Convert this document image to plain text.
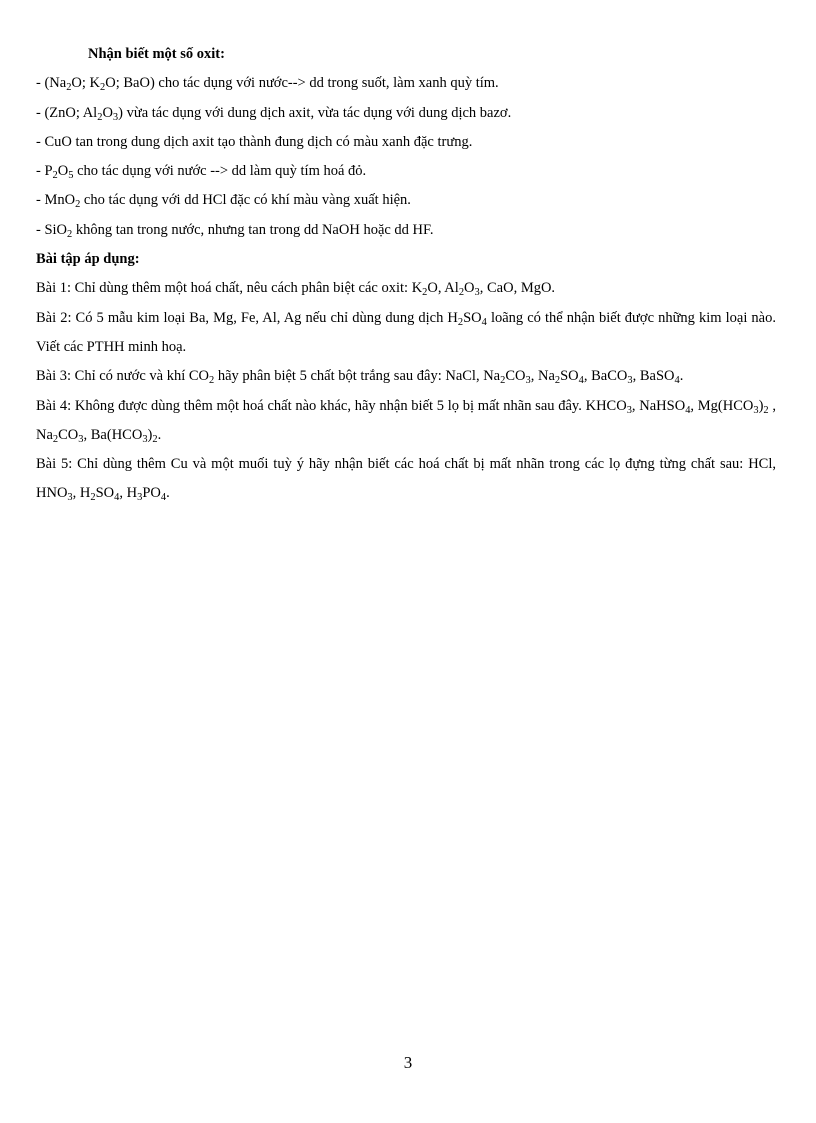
Nhận biết một số oxit:

- ($Na_2O$; $K_2O$; BaO) cho tác dụng với nước--> dd trong suốt, làm xanh quỳ tím.

- (ZnO; $Al_2O_3$) vừa tác dụng với dung dịch axit, vừa tác dụng với dung dịch bazơ.

- CuO tan trong dung dịch axit tạo thành đung dịch có màu xanh đặc trưng.

- $P_2O_5$ cho tác dụng với nước --> dd làm quỳ tím hoá đỏ.

- MnO$_2$ cho tác dụng với dd HCl đặc có khí màu vàng xuất hiện.

- SiO$_2$ không tan trong nước, nhưng tan trong dd NaOH hoặc dd HF.

Bài tập áp dụng:

Bài 1: Chỉ dùng thêm một hoá chất, nêu cách phân biệt các oxit: $K_2O$, $Al_2O_3$, CaO, MgO.

Bài 2: Có 5 mẫu kim loại Ba, Mg, Fe, Al, Ag nếu chỉ dùng dung dịch $H_2SO_4$ loãng có thể nhận biết được những kim loại nào. Viết các PTHH minh hoạ.

Bài 3: Chỉ có nước và khí $CO_2$ hãy phân biệt 5 chất bột trắng sau đây: NaCl, $Na_2CO_3$, $Na_2SO_4$, BaCO$_3$, BaSO$_4$.

Bài 4: Không được dùng thêm một hoá chất nào khác, hãy nhận biết 5 lọ bị mất nhãn sau đây. $KHCO_3$, NaHSO$_4$, $Mg(HCO_3)_2$ , $Na_2CO_3$, $Ba(HCO_3)_2$.

Bài 5: Chỉ dùng thêm Cu và một muối tuỳ ý hãy nhận biết các hoá chất bị mất nhãn trong các lọ đựng từng chất sau: HCl, $HNO_3$, $H_2SO_4$, $H_3PO_4$.

3
